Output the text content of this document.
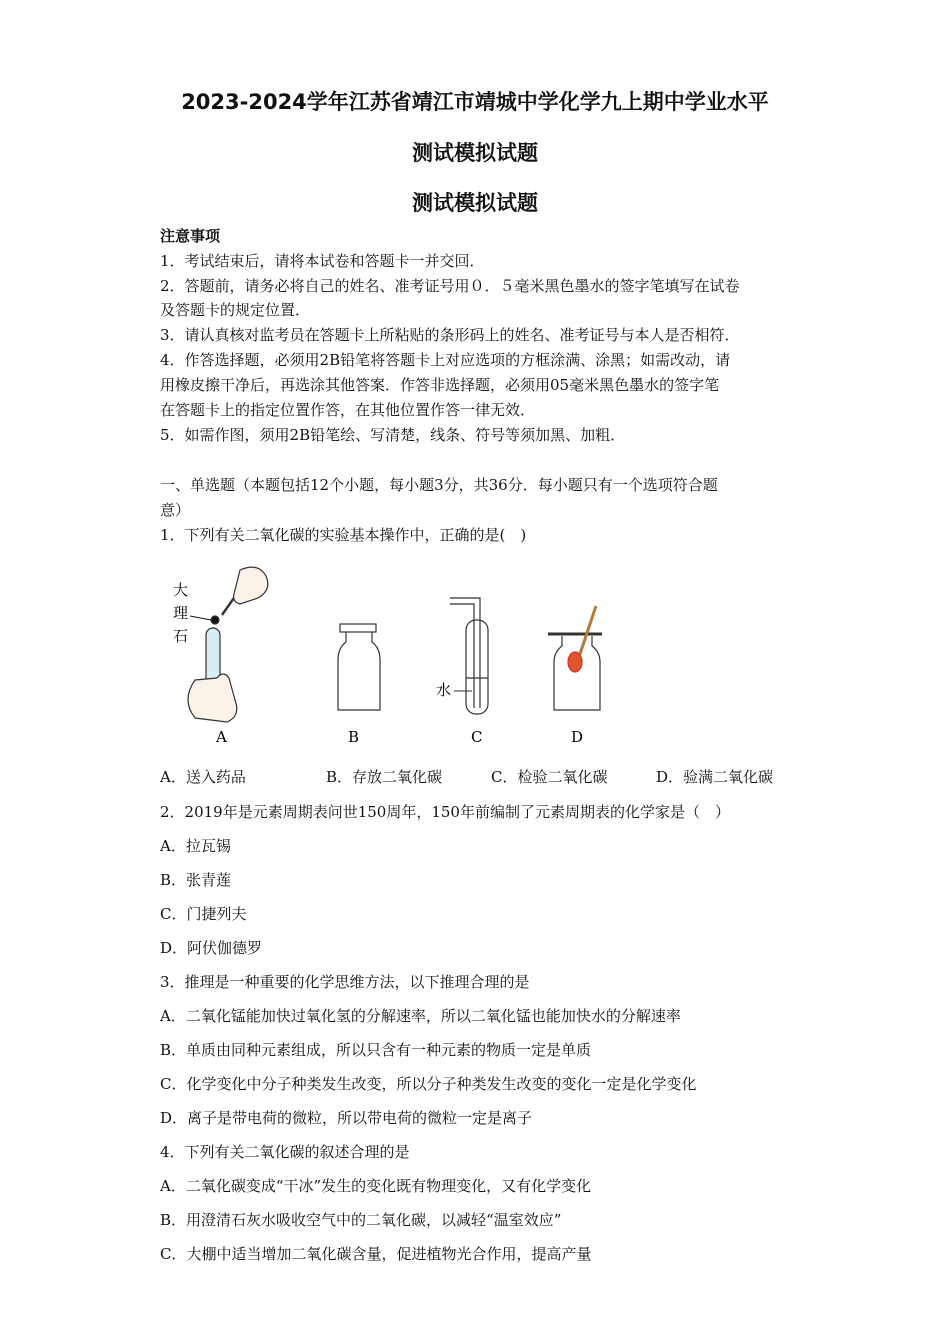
2023-2024学年江苏省靖江市靖城中学化学九上期中学业水平
测试模拟试题
测试模拟试题
注意事项
1．考试结束后，请将本试卷和答题卡一并交回．
2．答题前，请务必将自己的姓名、准考证号用０．５毫米黑色墨水的签字笔填写在试卷
及答题卡的规定位置．
3．请认真核对监考员在答题卡上所粘贴的条形码上的姓名、准考证号与本人是否相符．
4．作答选择题，必须用2B铅笔将答题卡上对应选项的方框涂满、涂黑；如需改动，请
用橡皮擦干净后，再选涂其他答案．作答非选择题，必须用05毫米黑色墨水的签字笔
在答题卡上的指定位置作答，在其他位置作答一律无效．
5．如需作图，须用2B铅笔绘、写清楚，线条、符号等须加黑、加粗．
一、单选题（本题包括12个小题，每小题3分，共36分．每小题只有一个选项符合题
意）
1．下列有关二氧化碳的实验基本操作中，正确的是(　)
大
理
石
水
A	B	C	D
A．送入药品	B．存放二氧化碳	C．检验二氧化碳	D．验满二氧化碳
2．2019年是元素周期表问世150周年，150年前编制了元素周期表的化学家是（　）
A．拉瓦锡
B．张青莲
C．门捷列夫
D．阿伏伽德罗
3．推理是一种重要的化学思维方法，以下推理合理的是
A．二氧化锰能加快过氧化氢的分解速率，所以二氧化锰也能加快水的分解速率
B．单质由同种元素组成，所以只含有一种元素的物质一定是单质
C．化学变化中分子种类发生改变，所以分子种类发生改变的变化一定是化学变化
D．离子是带电荷的微粒，所以带电荷的微粒一定是离子
4．下列有关二氧化碳的叙述合理的是
A．二氧化碳变成“干冰”发生的变化既有物理变化，又有化学变化
B．用澄清石灰水吸收空气中的二氧化碳，以减轻“温室效应”
C．大棚中适当增加二氧化碳含量，促进植物光合作用，提高产量
